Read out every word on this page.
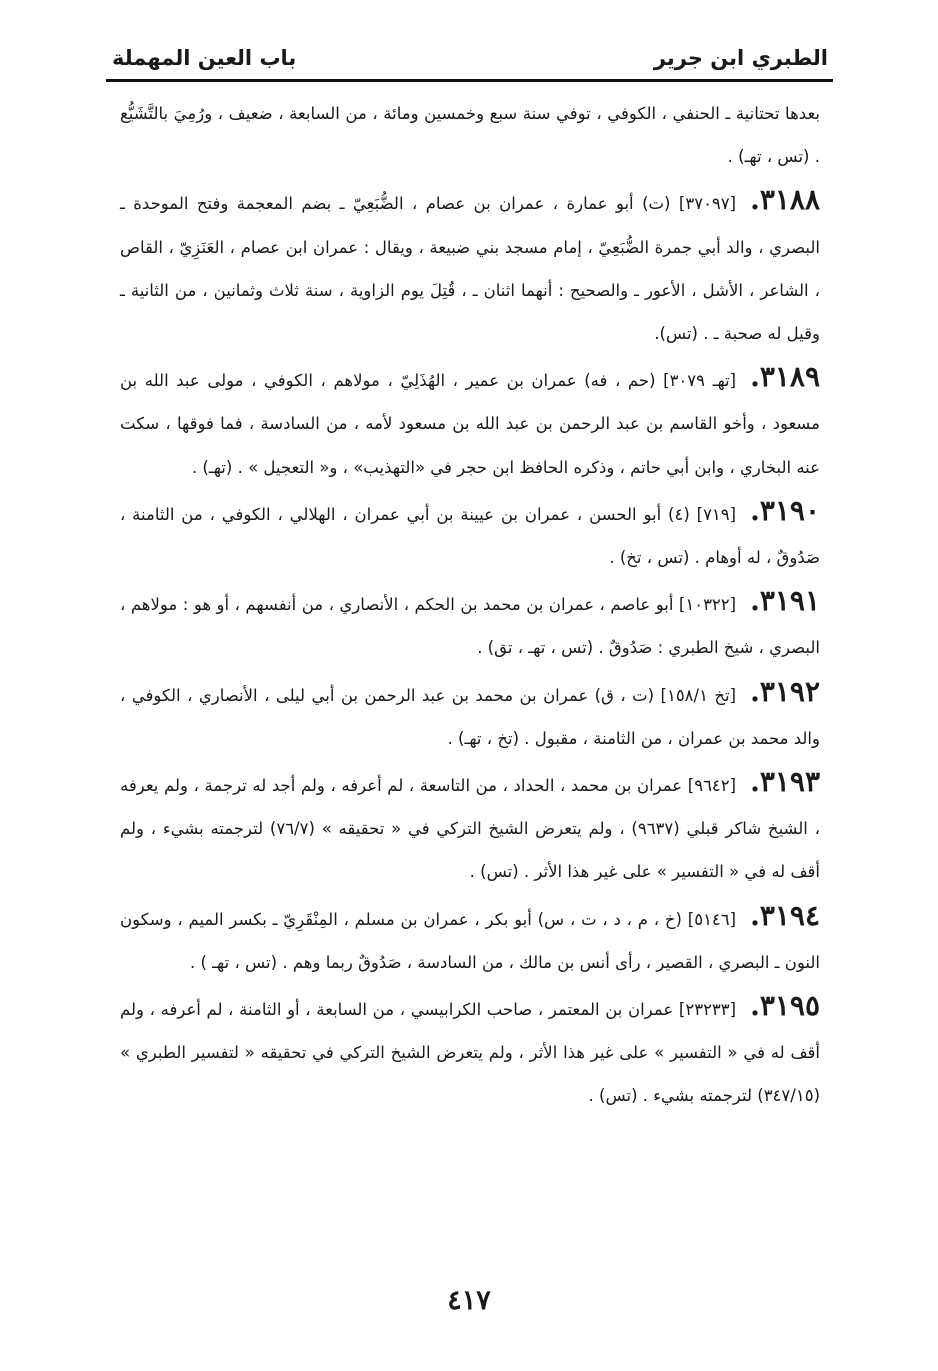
الطبري ابن جرير
باب العين المهملة

بعدها تحتانية ـ الحنفي ، الكوفي ، توفي سنة سبع وخمسين ومائة ، من السابعة ، ضعيف ، ورُمِيَ بالتَّشَيُّع . (تس ، تهـ) .

٣١٨٨.[٣٧٠٩٧] (ت) أبو عمارة ، عمران بن عصام ، الضُّبَعِيّ ـ بضم المعجمة وفتح الموحدة ـ البصري ، والد أبي جمرة الضُّبَعِيّ ، إمام مسجد بني ضبيعة ، ويقال : عمران ابن عصام ، العَنَزِيّ ، القاص ، الشاعر ، الأشل ، الأعور ـ والصحيح : أنهما اثنان ـ ، قُتِلَ يوم الزاوية ، سنة ثلاث وثمانين ، من الثانية ـ وقيل له صحبة ـ . (تس).

٣١٨٩.[تهـ ٣٠٧٩] (حم ، فه) عمران بن عمير ، الهُذَلِيّ ، مولاهم ، الكوفي ، مولى عبد الله بن مسعود ، وأخو القاسم بن عبد الرحمن بن عبد الله بن مسعود لأمه ، من السادسة ، فما فوقها ، سكت عنه البخاري ، وابن أبي حاتم ، وذكره الحافظ ابن حجر في «التهذيب» ، و« التعجيل » . (تهـ) .

٣١٩٠.[٧١٩] (٤) أبو الحسن ، عمران بن عيينة بن أبي عمران ، الهلالي ، الكوفي ، من الثامنة ، صَدُوقٌ ، له أوهام . (تس ، تخ) .

٣١٩١.[١٠٣٢٢] أبو عاصم ، عمران بن محمد بن الحكم ، الأنصاري ، من أنفسهم ، أو هو : مولاهم ، البصري ، شيخ الطبري : صَدُوقٌ . (تس ، تهـ ، تق) .

٣١٩٢.[تخ ١٥٨/١] (ت ، ق) عمران بن محمد بن عبد الرحمن بن أبي ليلى ، الأنصاري ، الكوفي ، والد محمد بن عمران ، من الثامنة ، مقبول . (تخ ، تهـ) .

٣١٩٣.[٩٦٤٢] عمران بن محمد ، الحداد ، من التاسعة ، لم أعرفه ، ولم أجد له ترجمة ، ولم يعرفه ، الشيخ شاكر قبلي (٩٦٣٧) ، ولم يتعرض الشيخ التركي في « تحقيقه » (٧٦/٧) لترجمته بشيء ، ولم أقف له في « التفسير » على غير هذا الأثر . (تس) .

٣١٩٤.[٥١٤٦] (خ ، م ، د ، ت ، س) أبو بكر ، عمران بن مسلم ، المِنْقَرِيّ ـ بكسر الميم ، وسكون النون ـ البصري ، القصير ، رأى أنس بن مالك ، من السادسة ، صَدُوقٌ ربما وهم . (تس ، تهـ ) .

٣١٩٥.[٢٣٢٣٣] عمران بن المعتمر ، صاحب الكرابيسي ، من السابعة ، أو الثامنة ، لم أعرفه ، ولم أقف له في « التفسير » على غير هذا الأثر ، ولم يتعرض الشيخ التركي في تحقيقه « لتفسير الطبري » (٣٤٧/١٥) لترجمته بشيء . (تس) .

٤١٧
